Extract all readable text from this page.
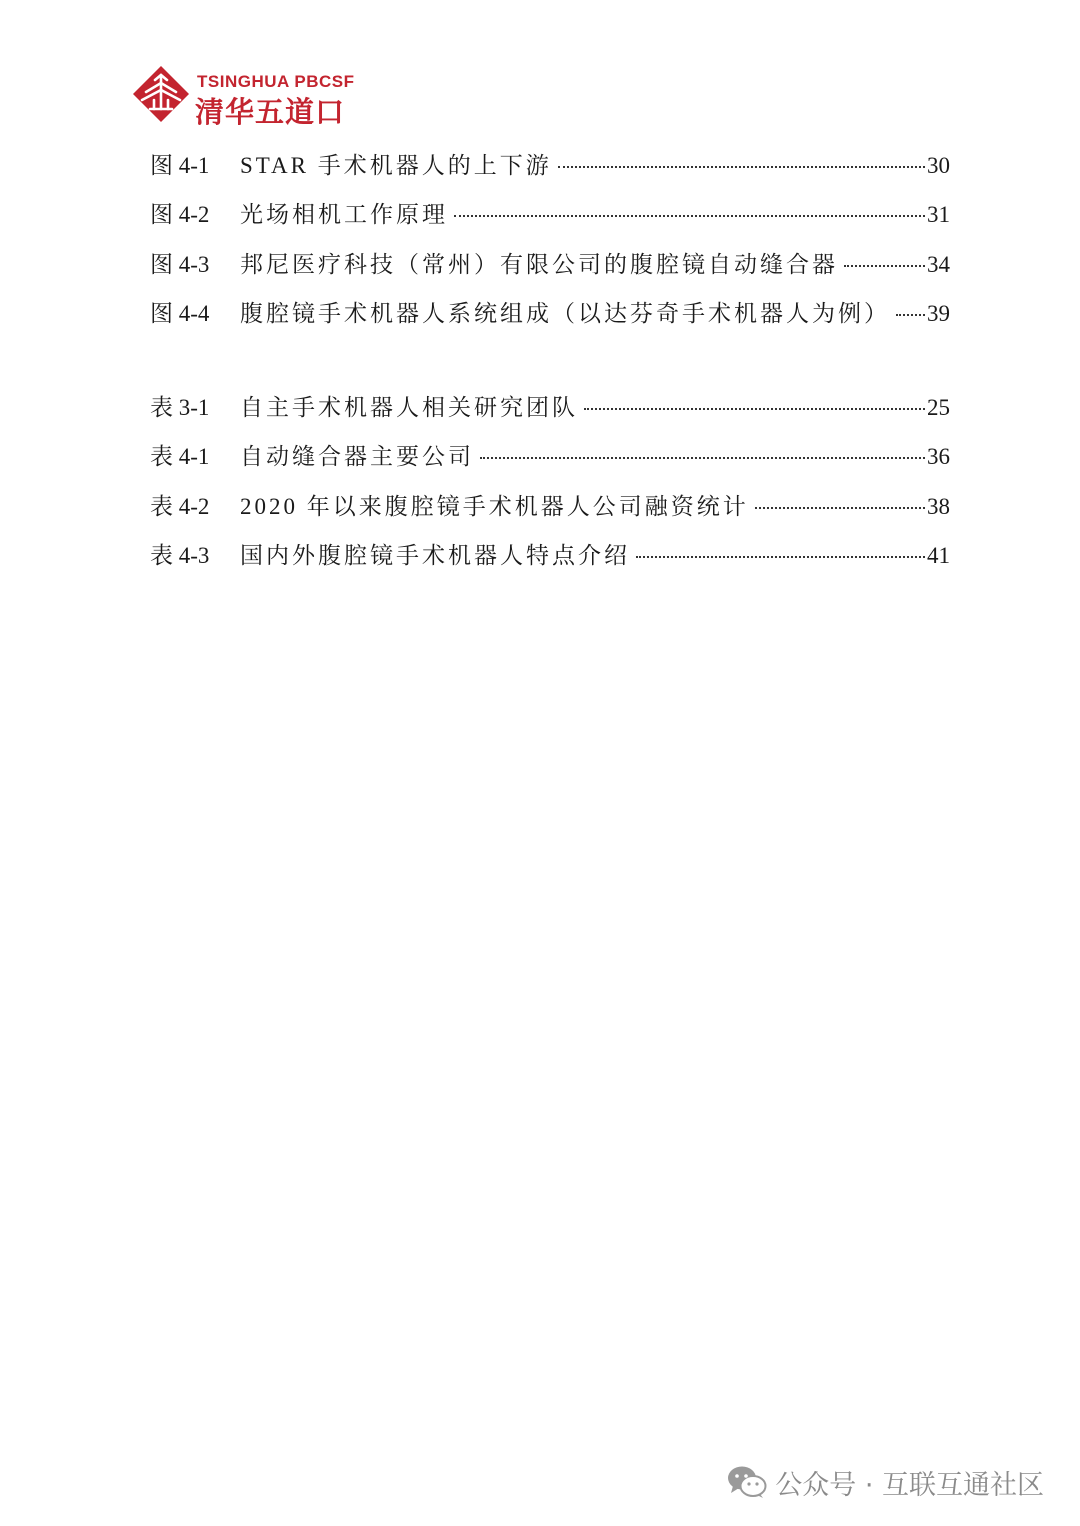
TSINGHUA PBCSF
清华五道口
图 4-1	STAR 手术机器人的上下游	30
图 4-2	光场相机工作原理	31
图 4-3	邦尼医疗科技（常州）有限公司的腹腔镜自动缝合器	34
图 4-4	腹腔镜手术机器人系统组成（以达芬奇手术机器人为例） 39
表 3-1	自主手术机器人相关研究团队	25
表 4-1	自动缝合器主要公司	36
表 4-2	2020 年以来腹腔镜手术机器人公司融资统计	38
表 4-3	国内外腹腔镜手术机器人特点介绍	41
公众号 · 互联互通社区
